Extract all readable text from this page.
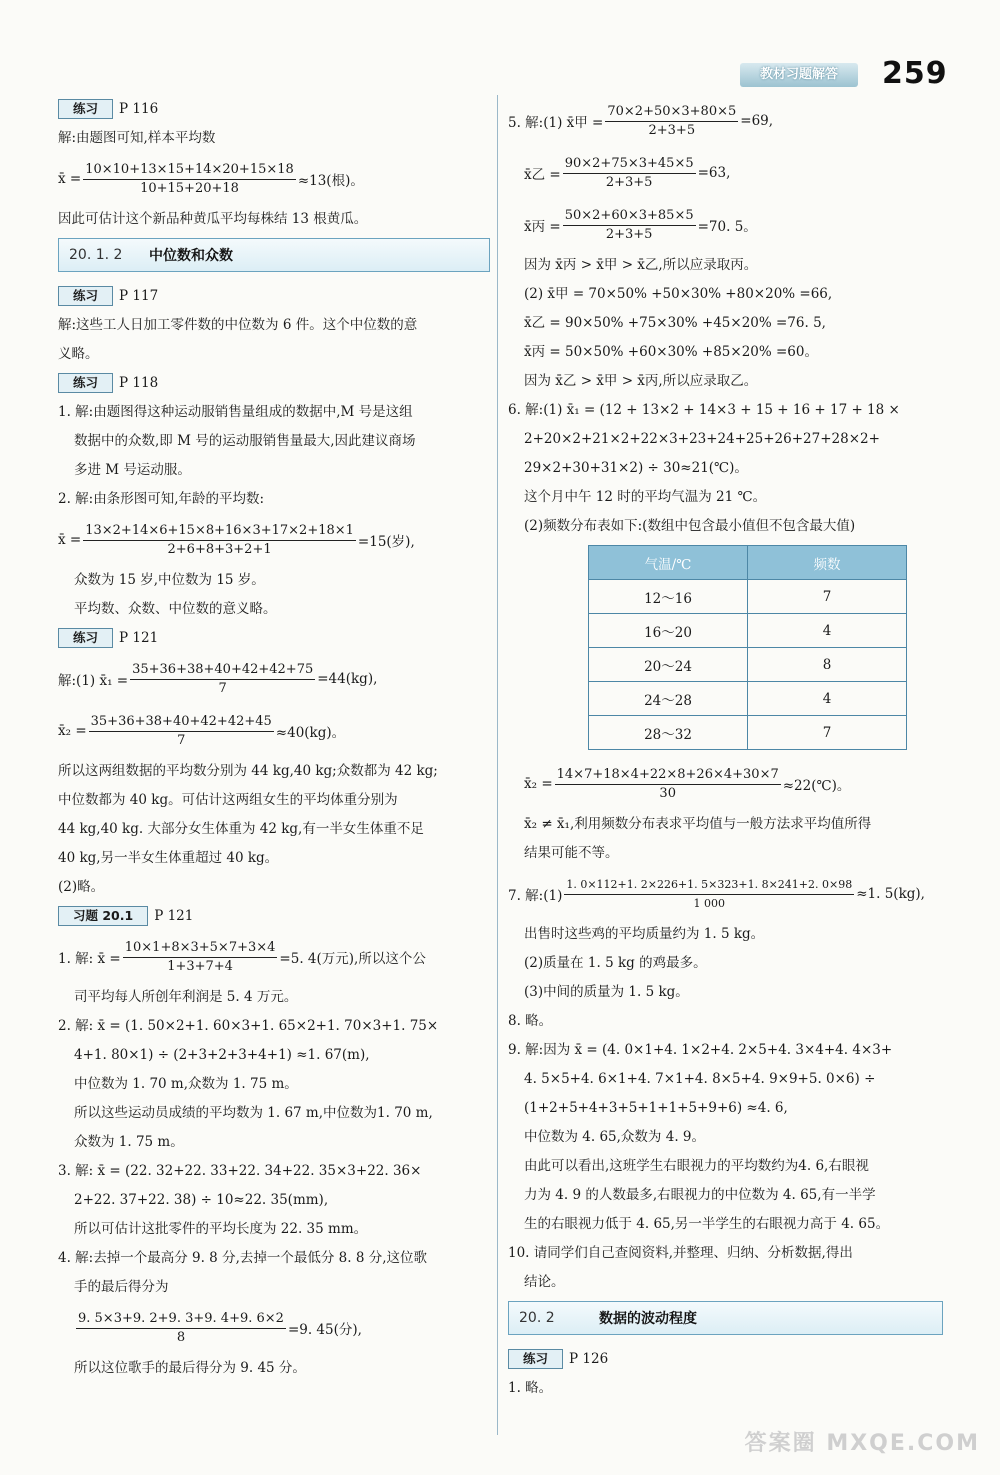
教材习题解答	259
练习 P 116
解:由题图可知,样本平均数
x̄ = $\frac{10\times 10+13\times 15+14\times 20+15\times 18}{10+15+20+18} \approx 13$(根)。
因此可估计这个新品种黄瓜平均每株结 13 根黄瓜。
20. 1. 2	中位数和众数
练习 P 117
解:这些工人日加工零件数的中位数为 6 件。这个中位数的意
义略。
练习 P 118
1. 解:由题图得这种运动服销售量组成的数据中,M 号是这组
数据中的众数,即 M 号的运动服销售量最大,因此建议商场
多进 M 号运动服。
2. 解:由条形图可知,年龄的平均数:
x̄ = $\frac{13\times 2+14\times 6+15\times 8+16\times 3+17\times 2+18\times 1}{2+6+8+3+2+1} =15$(岁),
众数为 15 岁,中位数为 15 岁。
平均数、众数、中位数的意义略。
练习 P 121
解:(1) x̄₁ = $\frac{35+36+38+40+42+42+75}{7} =44(kg)$,
x̄₂ = $\frac{35+36+38+40+42+42+45}{7} \approx 40(kg)$。
所以这两组数据的平均数分别为 44 kg,40 kg;众数都为 42 kg;
中位数都为 40 kg。可估计这两组女生的平均体重分别为
44 kg,40 kg. 大部分女生体重为 42 kg,有一半女生体重不足
40 kg,另一半女生体重超过 40 kg。
(2)略。
习题 20.1 P 121
1. 解: x̄ = $\frac{10\times 1+8\times 3+5\times 7+3\times 4}{1+3+7+4} =5$. 4(万元),所以这个公
司平均每人所创年利润是 5. 4 万元。
2. 解: x̄ = (1. 50×2+1. 60×3+1. 65×2+1. 70×3+1. 75×
4+1. 80×1) ÷ (2+3+2+3+4+1) ≈1. 67(m),
中位数为 1. 70 m,众数为 1. 75 m。
所以这些运动员成绩的平均数为 1. 67 m,中位数为1. 70 m,
众数为 1. 75 m。
3. 解: x̄ = (22. 32+22. 33+22. 34+22. 35×3+22. 36×
2+22. 37+22. 38) ÷ 10≈22. 35(mm),
所以可估计这批零件的平均长度为 22. 35 mm。
4. 解:去掉一个最高分 9. 8 分,去掉一个最低分 8. 8 分,这位歌
手的最后得分为
$\frac{9. 5\times 3+9. 2+9. 3+9. 4+9. 6\times 2}{8} =9$. 45(分),
所以这位歌手的最后得分为 9. 45 分。
5. 解:(1) x̄甲 = $\frac{70\times 2+50\times 3+80\times 5}{2+3+5} =69$,
x̄乙 = $\frac{90\times 2+75\times 3+45\times 5}{2+3+5} =63$,
x̄丙 = $\frac{50\times 2+60\times 3+85\times 5}{2+3+5} =70$. 5。
因为 x̄丙 > x̄甲 > x̄乙,所以应录取丙。
(2) x̄甲 = 70×50% +50×30% +80×20% =66,
x̄乙 = 90×50% +75×30% +45×20% =76. 5,
x̄丙 = 50×50% +60×30% +85×20% =60。
因为 x̄乙 > x̄甲 > x̄丙,所以应录取乙。
6. 解:(1) x̄₁ = (12 + 13×2 + 14×3 + 15 + 16 + 17 + 18 ×
2+20×2+21×2+22×3+23+24+25+26+27+28×2+
29×2+30+31×2) ÷ 30≈21(℃)。
这个月中午 12 时的平均气温为 21 ℃。
(2)频数分布表如下:(数组中包含最小值但不包含最大值)
气温/℃	频数
12～16	7
16～20	4
20～24	8
24～28	4
28～32	7
x̄₂ = $\frac{14\times 7+18\times 4+22\times 8+26\times 4+30\times 7}{30}$ ≈22(℃)。
x̄₂ ≠ x̄₁,利用频数分布表求平均值与一般方法求平均值所得
结果可能不等。
7. 解:(1) $\frac{1. 0\times 112+1. 2\times 226+1. 5\times 323+1. 8\times 241+2. 0\times 98}{1 000} \approx 1$. 5(kg),
出售时这些鸡的平均质量约为 1. 5 kg。
(2)质量在 1. 5 kg 的鸡最多。
(3)中间的质量为 1. 5 kg。
8. 略。
9. 解:因为 x̄ = (4. 0×1+4. 1×2+4. 2×5+4. 3×4+4. 4×3+
4. 5×5+4. 6×1+4. 7×1+4. 8×5+4. 9×9+5. 0×6) ÷
(1+2+5+4+3+5+1+1+5+9+6) ≈4. 6,
中位数为 4. 65,众数为 4. 9。
由此可以看出,这班学生右眼视力的平均数约为4. 6,右眼视
力为 4. 9 的人数最多,右眼视力的中位数为 4. 65,有一半学
生的右眼视力低于 4. 65,另一半学生的右眼视力高于 4. 65。
10. 请同学们自己查阅资料,并整理、归纳、分析数据,得出
结论。
20. 2	数据的波动程度
练习 P 126
1. 略。
答案圈 MXQE.COM
